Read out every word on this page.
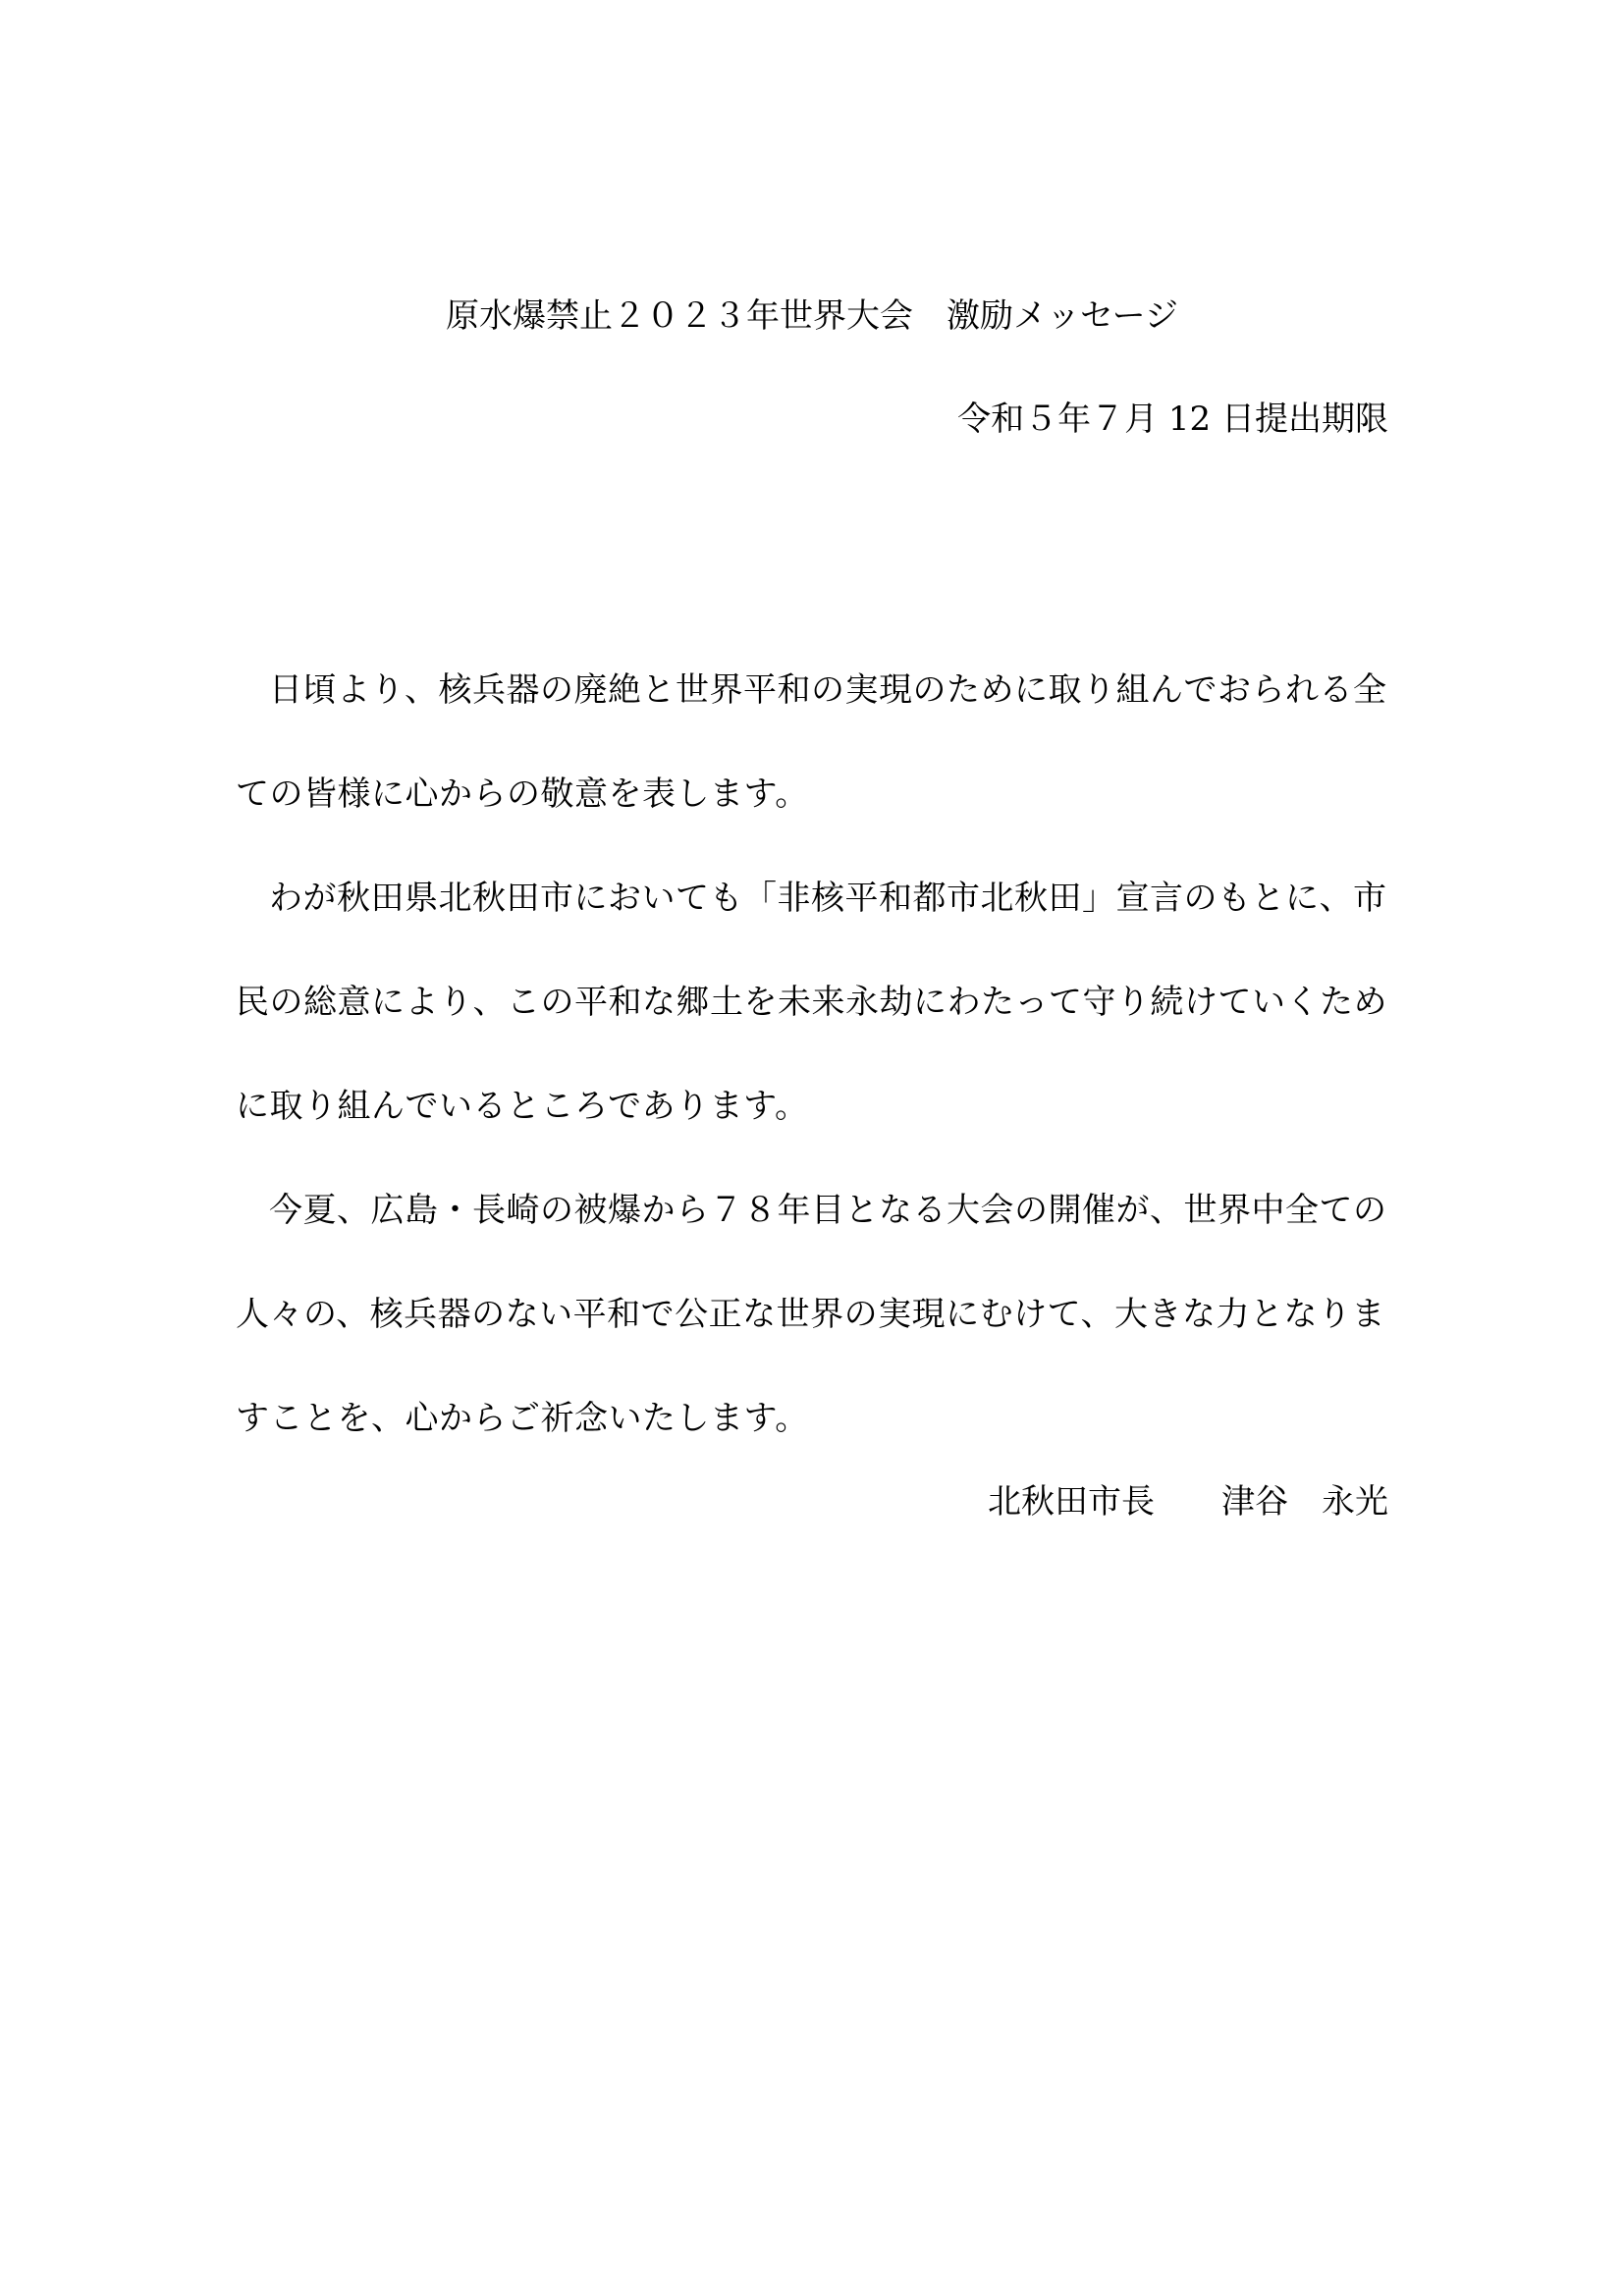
原水爆禁止２０２３年世界大会　激励メッセージ
令和５年７月 12 日提出期限

日頃より、核兵器の廃絶と世界平和の実現のために取り組んでおられる全ての皆様に心からの敬意を表します。

わが秋田県北秋田市においても「非核平和都市北秋田」宣言のもとに、市民の総意により、この平和な郷土を未来永劫にわたって守り続けていくために取り組んでいるところであります。

今夏、広島・長崎の被爆から７８年目となる大会の開催が、世界中全ての人々の、核兵器のない平和で公正な世界の実現にむけて、大きな力となりますことを、心からご祈念いたします。

北秋田市長　　津谷　永光
